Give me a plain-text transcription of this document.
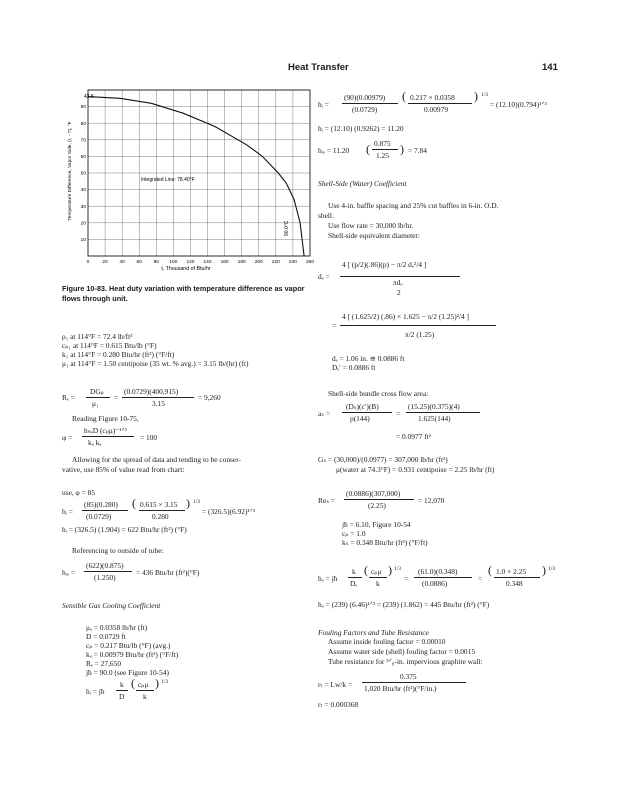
Heat Transfer	141
0	20 40 60 80 100 120 140 160 180 200 220 240 260
10
20
30
40
50
60
70
80
90
Integrated Line: 78.40°F
90.0°C
43.5
t, Thousand of Btu/hr
Temperature Difference, Vapor Side, (t, - T), °F
Figure 10-83. Heat duty variation with temperature difference as vapor flows through unit.
ρ₁ at 114°F = 72.4 lb/ft³
cₚ₁ at 114°F = 0.615 Btu/lb (°F)
k₁ at 114°F = 0.280 Btu/hr (ft²) (°F/ft)
μ₁ at 114°F = 1.50 centipoise (35 wt. % avg.) = 3.15 lb/(hr) (ft)
Rₑ =
DGₚ
μ₁
=
(0.0729)(400,915)
3.15
= 9,260
Reading Figure 10-75,
φ =
hₙₒD (cₚμ)⁻¹ᐟ³
kₐ kₐ
= 100
Allowing for the spread of data and tending to be conser-
vative, use 85% of value read from chart:
use, φ = 85
hᵢ =
(85)(0.280)
(0.0729)
( 0.615 × 3.15
0.280
) 1/3
= (326.5)(6.92)¹ᐟ³
hᵢ = (326.5) (1.904) = 622 Btu/hr (ft²) (°F)
Referencing to outside of tube:
hᵢₒ =
(622)(0.875)
(1.250)
= 436 Btu/hr (ft²)(°F)
Sensible Gas Cooling Coefficient
μₐ = 0.0358 lb/hr (ft)
D = 0.0729 ft
cₚ = 0.217 Btu/lb (°F) (avg.)
kₐ = 0.00979 Btu/hr (ft²) (°F/ft)
Rₑ = 27,650
jħ = 90.0 (see Figure 10-54)
hᵢ = jħ
k
D
( cₚμ
k
) 1/3
hᵢ =
(90)(0.00979)
(0.0729)
( 0.217 × 0.0358
0.00979
) 1/3
= (12.10)(0.794)¹ᐟ³
hᵢ = (12.10) (0.9262) = 11.20
hᵢₒ = 11.20 ( 0.875
1.25 ) = 7.84
Shell-Side (Water) Coefficient
Use 4-in. baffle spacing and 25% cut baffles in 6-in. O.D.
shell.
Use flow rate = 30,000 lb/hr.
Shell-side equivalent diameter:
dₑ =
4 [ (p/2)(.86)(p) − π/2 dₒ²/4 ]
πdₒ
2
=
4 [ (1.625/2) (.86) × 1.625 − π/2 (1.25)²/4 ]
π/2 (1.25)
dₑ = 1.06 in. ≅ 0.0886 ft
Dₑ′ = 0.0886 ft
Shell-side bundle cross flow area:
aₛ =
(Dₛ)(c′)(B)
p(144)
=
(15.25)(0.375)(4)
1.625(144)
= 0.0977 ft²
Gₛ = (30,000)/(0.0977) = 307,000 lb/hr (ft²)
μ(water at 74.3°F) = 0.931 centipoise = 2.25 lb/hr (ft)
Reₛ =
(0.0886)(307,000)
(2.25)
= 12,070
jħ = 6.10, Figure 10-54
cₚ = 1.0
kₛ = 0.348 Btu/hr (ft²) (°F/ft)
hₒ = jħ
k
Dₑ
( cₚμ
k
) 1/3
=
(61.0)(0.348)
(0.0886)
=
( 1.0 × 2.25
0.348
) 1/3
hₒ = (239) (6.46)¹ᐟ³ = (239) (1.862) = 445 Btu/hr (ft²) (°F)
Fouling Factors and Tube Resistance
Assume inside fouling factor = 0.00010
Assume water side (shell) fouling factor = 0.0015
Tube resistance for ⁵ᐟ₈-in. impervious graphite wall:
rₜ = Lᴡ/k =
0.375
1,020 Btu/hr (ft²)(°F/in.)
rₜ = 0.000368
